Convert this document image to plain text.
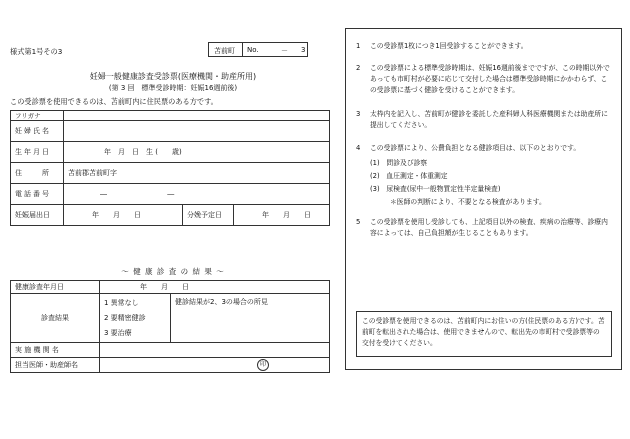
様式第1号その3	苫前町 No.	－ 3
妊婦一般健康診査受診票(医療機関・助産所用)
(第 3 回　標準受診時期：妊娠16週前後)
この受診票を使用できるのは、苫前町内に住民票のある方です。
フリガナ			
妊婦氏名			
生年月日	年　月　日　生 (　　歳)		
住　　所	苫前郡苫前町字		
電話番号	― ―		
妊娠届出日	年　　月　　日	分娩予定日	年　　月　　日
～ 健 康 診 査 の 結 果 ～
健康診査年月日	年　　月　　日	
診査結果	1 異常なし
2 要精密健診
3 要治療	健診結果が2、3の場合の所見
実 施 機 関 名		
担当医師・助産師名	印	
1 この受診票1枚につき1回受診することができます。
2 この受診票による標準受診時期は、妊娠16週前後までですが、この時期以外であっても市町村が必要に応じて交付した場合は標準受診時期にかかわらず、この受診票に基づく健診を受けることができます。
3 太枠内を記入し、苫前町が健診を委託した産科婦人科医療機関または助産所に提出してください。
4 この受診票により、公費負担となる健診項目は、以下のとおりです。
(1)　問診及び診察
(2)　血圧測定・体重測定
(3)　尿検査(尿中一般物質定性半定量検査)
＊医師の判断により、不要となる検査があります。
5 この受診票を使用し受診しても、上記項目以外の検査、疾病の治療等、診療内容によっては、自己負担額が生じることもあります。
この受診票を使用できるのは、苫前町内にお住いの方(住民票のある方)です。苫前町を転出された場合は、使用できませんので、転出先の市町村で受診票等の交付を受けてください。
